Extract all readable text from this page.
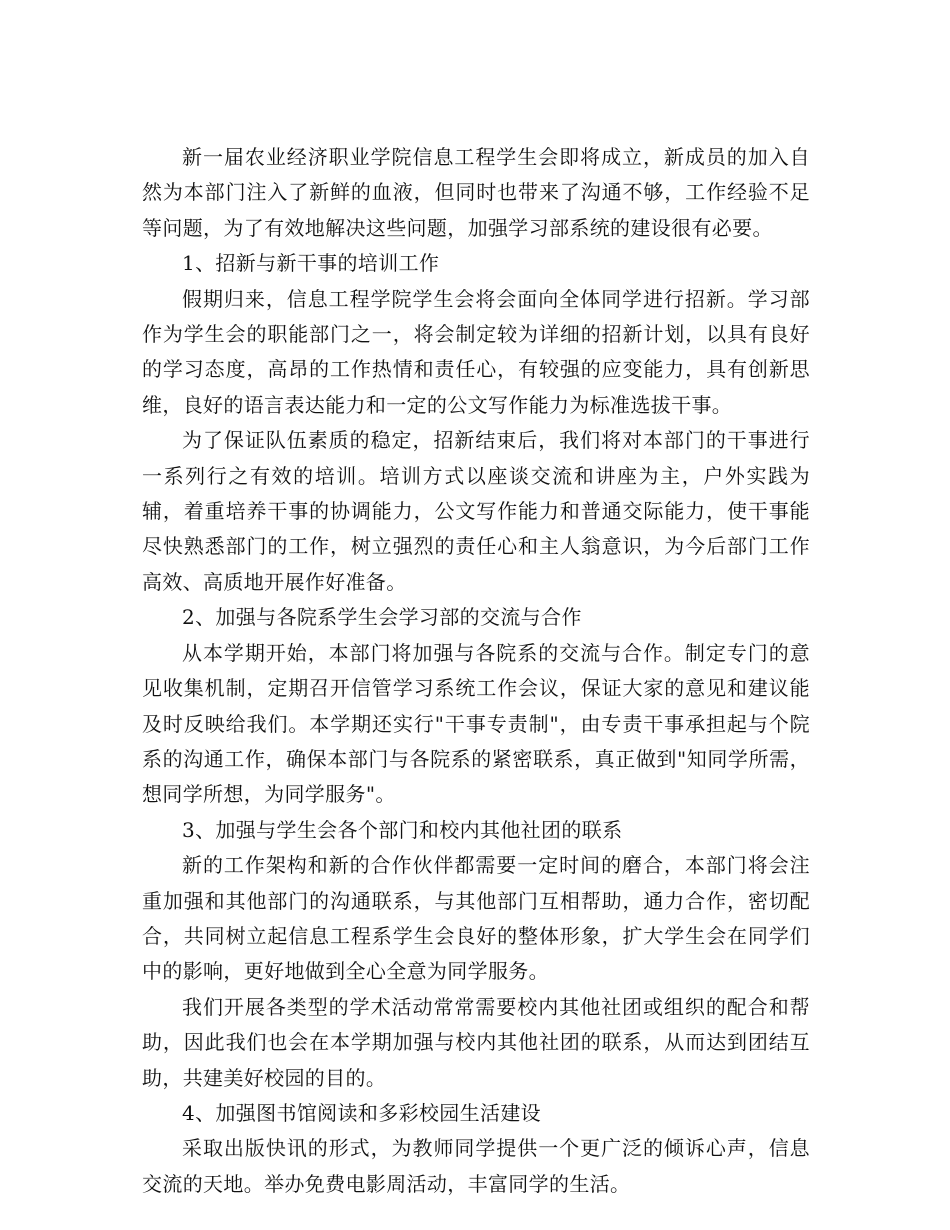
新一届农业经济职业学院信息工程学生会即将成立，新成员的加入自然为本部门注入了新鲜的血液，但同时也带来了沟通不够，工作经验不足等问题，为了有效地解决这些问题，加强学习部系统的建设很有必要。

1、招新与新干事的培训工作

假期归来，信息工程学院学生会将会面向全体同学进行招新。学习部作为学生会的职能部门之一，将会制定较为详细的招新计划，以具有良好的学习态度，高昂的工作热情和责任心，有较强的应变能力，具有创新思维，良好的语言表达能力和一定的公文写作能力为标准选拔干事。

为了保证队伍素质的稳定，招新结束后，我们将对本部门的干事进行一系列行之有效的培训。培训方式以座谈交流和讲座为主，户外实践为辅，着重培养干事的协调能力，公文写作能力和普通交际能力，使干事能尽快熟悉部门的工作，树立强烈的责任心和主人翁意识，为今后部门工作高效、高质地开展作好准备。

2、加强与各院系学生会学习部的交流与合作

从本学期开始，本部门将加强与各院系的交流与合作。制定专门的意见收集机制，定期召开信管学习系统工作会议，保证大家的意见和建议能及时反映给我们。本学期还实行"干事专责制"，由专责干事承担起与个院系的沟通工作，确保本部门与各院系的紧密联系，真正做到"知同学所需，想同学所想，为同学服务"。

3、加强与学生会各个部门和校内其他社团的联系

新的工作架构和新的合作伙伴都需要一定时间的磨合，本部门将会注重加强和其他部门的沟通联系，与其他部门互相帮助，通力合作，密切配合，共同树立起信息工程系学生会良好的整体形象，扩大学生会在同学们中的影响，更好地做到全心全意为同学服务。

我们开展各类型的学术活动常常需要校内其他社团或组织的配合和帮助，因此我们也会在本学期加强与校内其他社团的联系，从而达到团结互助，共建美好校园的目的。

4、加强图书馆阅读和多彩校园生活建设

采取出版快讯的形式，为教师同学提供一个更广泛的倾诉心声，信息交流的天地。举办免费电影周活动，丰富同学的生活。
